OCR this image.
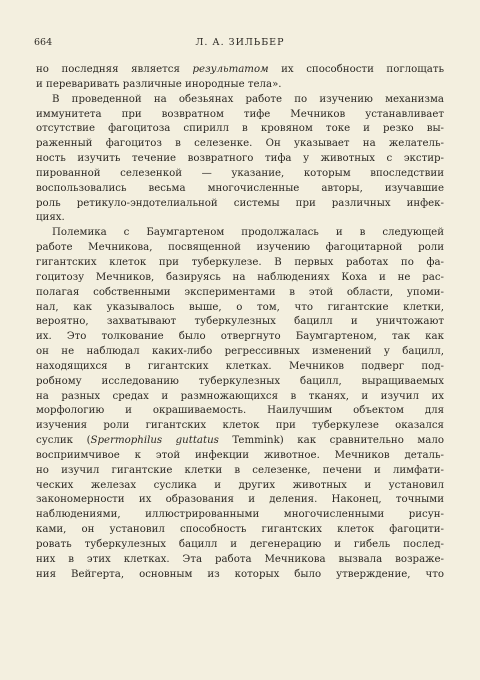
664	Л. А. ЗИЛЬБЕР

но последняя является результатом их способности поглощать

и переваривать различные инородные тела».

В проведенной на обезьянах работе по изучению механизма

иммунитета при возвратном тифе Мечников устанавливает

отсутствие фагоцитоза спирилл в кровяном токе и резко вы-

раженный фагоцитоз в селезенке. Он указывает на желатель-

ность изучить течение возвратного тифа у животных с экстир-

пированной селезенкой — указание, которым впоследствии

воспользовались весьма многочисленные авторы, изучавшие

роль ретикуло-эндотелиальной системы при различных инфек-

циях.

Полемика с Баумгартеном продолжалась и в следующей

работе Мечникова, посвященной изучению фагоцитарной роли

гигантских клеток при туберкулезе. В первых работах по фа-

гоцитозу Мечников, базируясь на наблюдениях Коха и не рас-

полагая собственными экспериментами в этой области, упоми-

нал, как указывалось выше, о том, что гигантские клетки,

вероятно, захватывают туберкулезных бацилл и уничтожают

их. Это толкование было отвергнуто Баумгартеном, так как

он не наблюдал каких-либо регрессивных изменений у бацилл,

находящихся в гигантских клетках. Мечников подверг под-

робному исследованию туберкулезных бацилл, выращиваемых

на разных средах и размножающихся в тканях, и изучил их

морфологию и окрашиваемость. Наилучшим объектом для

изучения роли гигантских клеток при туберкулезе оказался

суслик (Spermophilus guttatus Temmink) как сравнительно мало

восприимчивое к этой инфекции животное. Мечников деталь-

но изучил гигантские клетки в селезенке, печени и лимфати-

ческих железах суслика и других животных и установил

закономерности их образования и деления. Наконец, точными

наблюдениями, иллюстрированными многочисленными рисун-

ками, он установил способность гигантских клеток фагоцити-

ровать туберкулезных бацилл и дегенерацию и гибель послед-

них в этих клетках. Эта работа Мечникова вызвала возраже-

ния Вейгерта, основным из которых было утверждение, что
